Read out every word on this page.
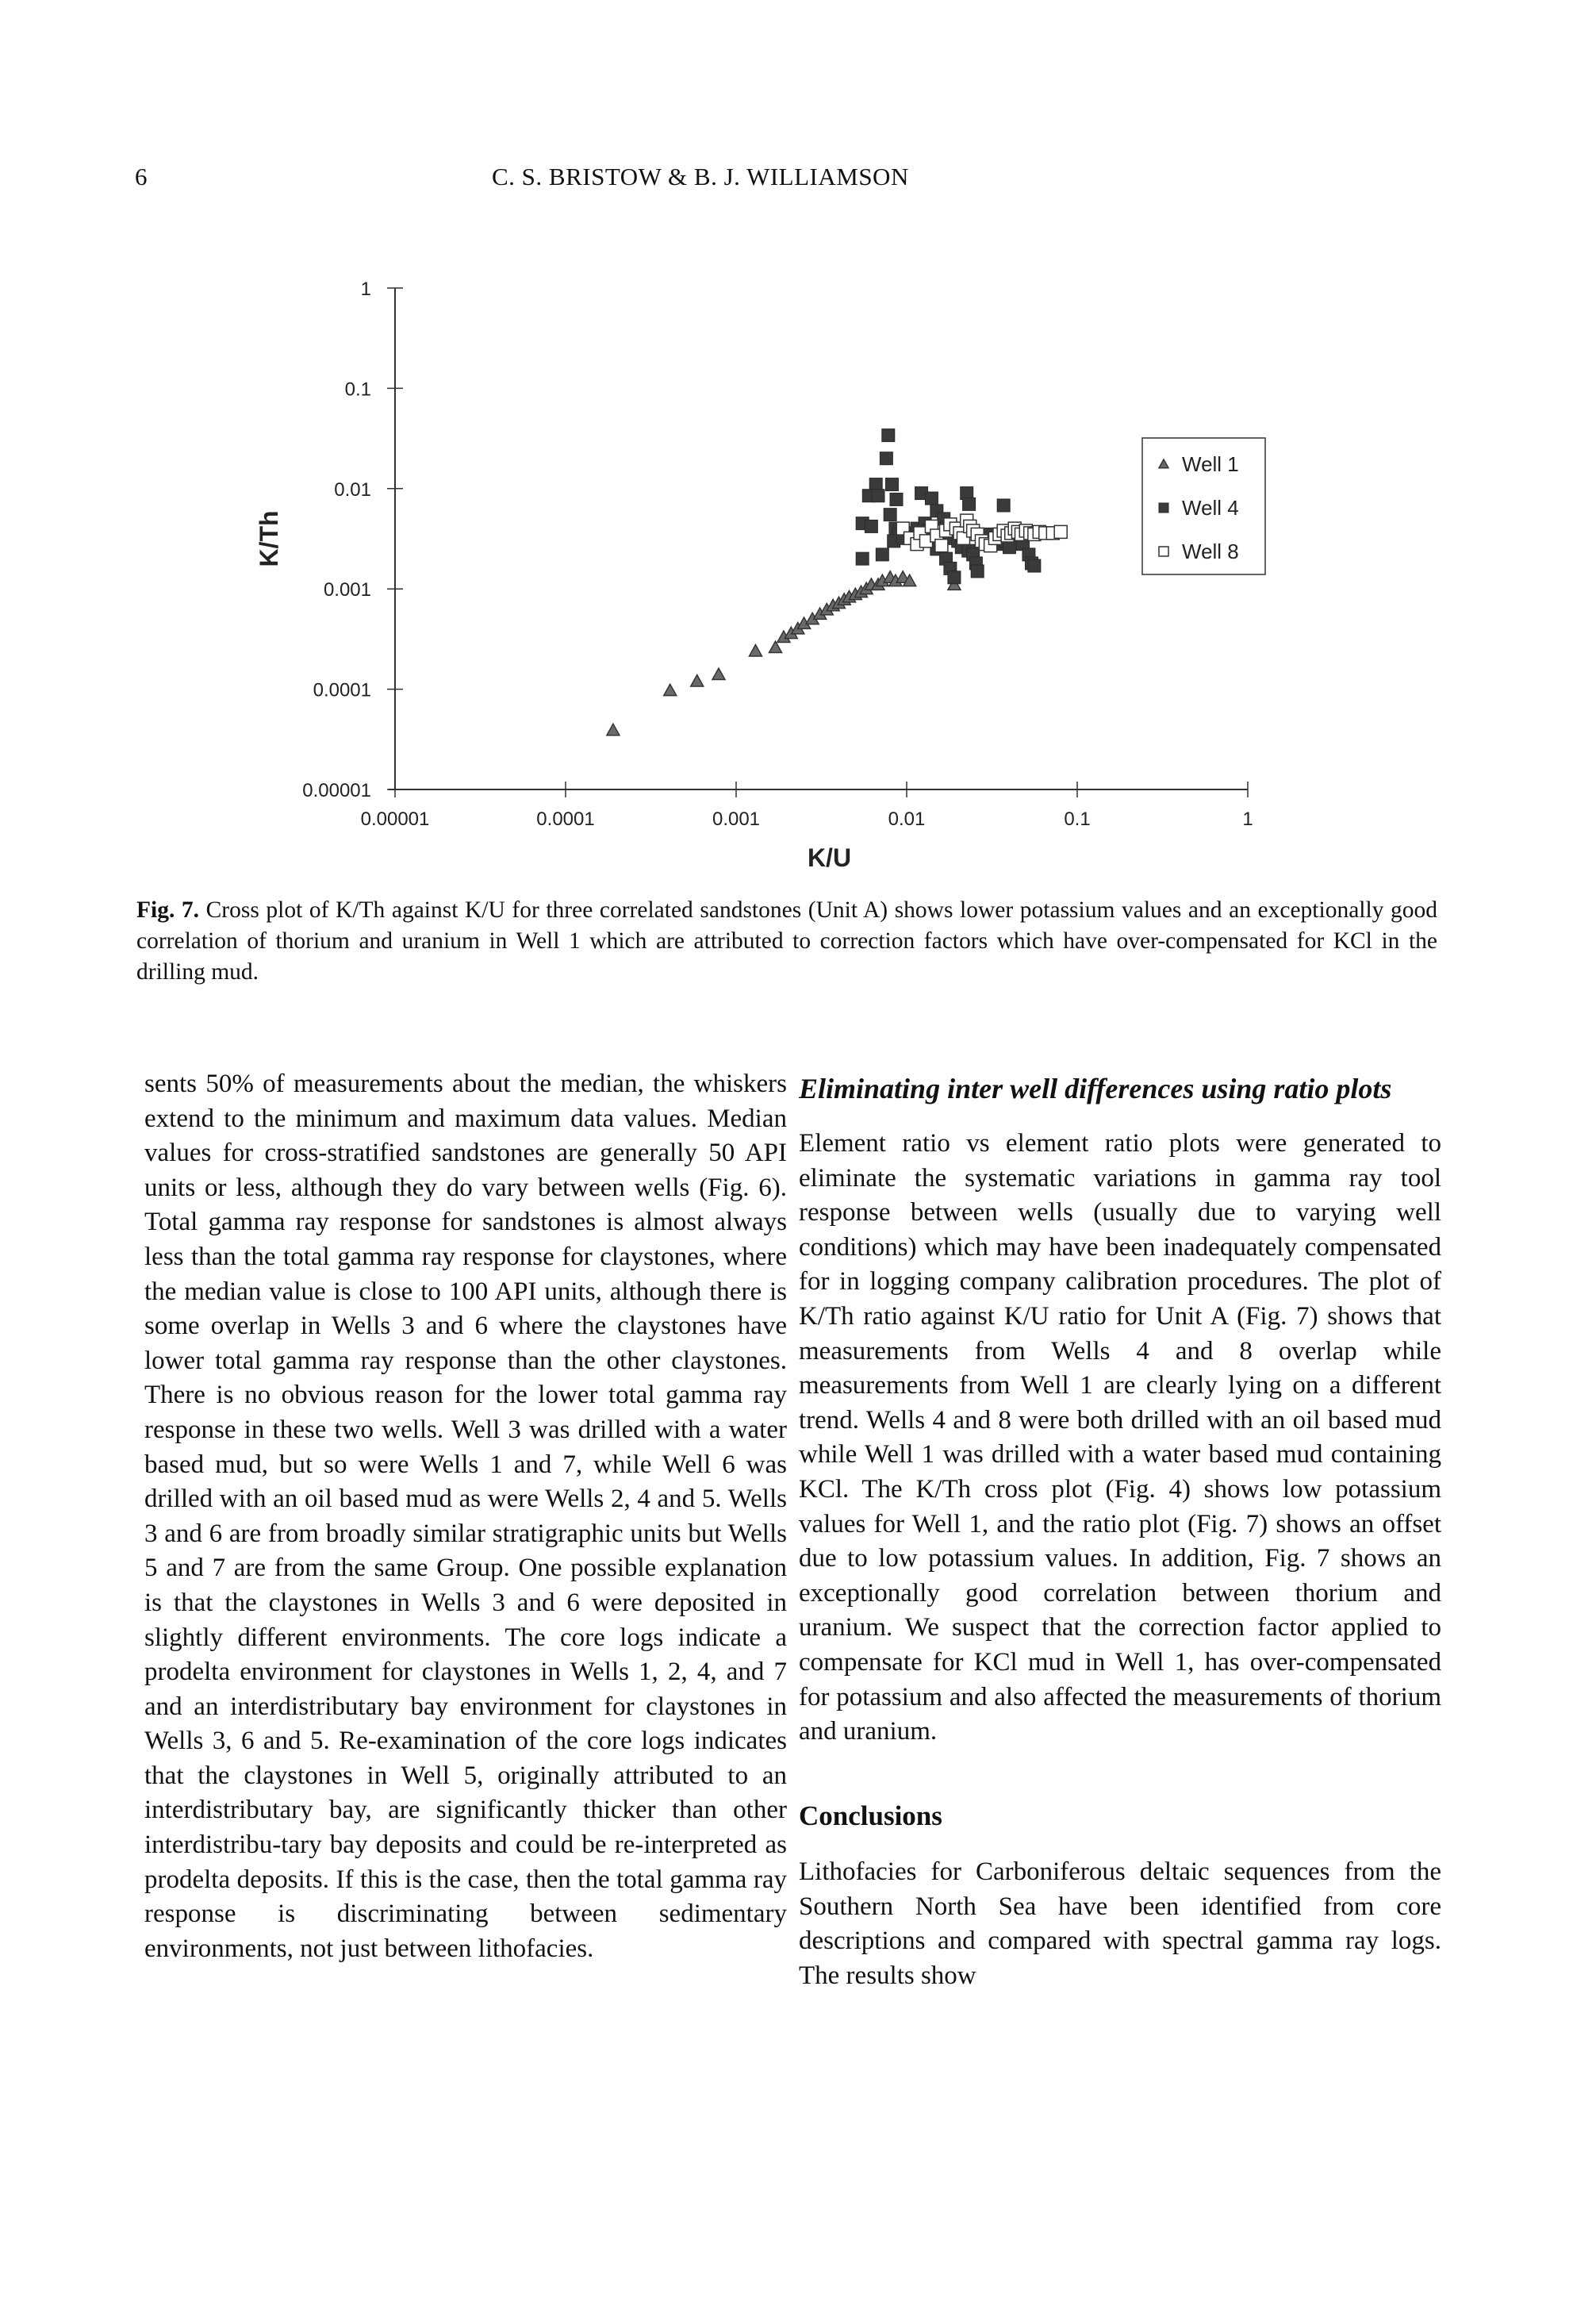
6	C. S. BRISTOW & B. J. WILLIAMSON
1
0.1
0.01
0.001
0.0001
0.00001
0.00001	0.0001	0.001	0.01	0.1	1
K/U
K/Th
Well 1
Well 4
Well 8
Fig. 7. Cross plot of K/Th against K/U for three correlated sandstones (Unit A) shows lower potassium values and an exceptionally good correlation of thorium and uranium in Well 1 which are attributed to correction factors which have over-compensated for KCl in the drilling mud.

sents 50% of measurements about the median, the whiskers extend to the minimum and maximum data values. Median values for cross-stratified sandstones are generally 50 API units or less, although they do vary between wells (Fig. 6). Total gamma ray response for sandstones is almost always less than the total gamma ray response for claystones, where the median value is close to 100 API units, although there is some overlap in Wells 3 and 6 where the claystones have lower total gamma ray response than the other claystones. There is no obvious reason for the lower total gamma ray response in these two wells. Well 3 was drilled with a water based mud, but so were Wells 1 and 7, while Well 6 was drilled with an oil based mud as were Wells 2, 4 and 5. Wells 3 and 6 are from broadly similar stratigraphic units but Wells 5 and 7 are from the same Group. One possible explanation is that the claystones in Wells 3 and 6 were deposited in slightly different environments. The core logs indicate a prodelta environment for claystones in Wells 1, 2, 4, and 7 and an interdistributary bay environment for claystones in Wells 3, 6 and 5. Re-examination of the core logs indicates that the claystones in Well 5, originally attributed to an interdistributary bay, are significantly thicker than other interdistribu-tary bay deposits and could be re-interpreted as prodelta deposits. If this is the case, then the total gamma ray response is discriminating between sedimentary environments, not just between lithofacies.

Eliminating inter well differences using ratio plots

Element ratio vs element ratio plots were generated to eliminate the systematic variations in gamma ray tool response between wells (usually due to varying well conditions) which may have been inadequately compensated for in logging company calibration procedures. The plot of K/Th ratio against K/U ratio for Unit A (Fig. 7) shows that measurements from Wells 4 and 8 overlap while measurements from Well 1 are clearly lying on a different trend. Wells 4 and 8 were both drilled with an oil based mud while Well 1 was drilled with a water based mud containing KCl. The K/Th cross plot (Fig. 4) shows low potassium values for Well 1, and the ratio plot (Fig. 7) shows an offset due to low potassium values. In addition, Fig. 7 shows an exceptionally good correlation between thorium and uranium. We suspect that the correction factor applied to compensate for KCl mud in Well 1, has over-compensated for potassium and also affected the measurements of thorium and uranium.

Conclusions

Lithofacies for Carboniferous deltaic sequences from the Southern North Sea have been identified from core descriptions and compared with spectral gamma ray logs. The results show
